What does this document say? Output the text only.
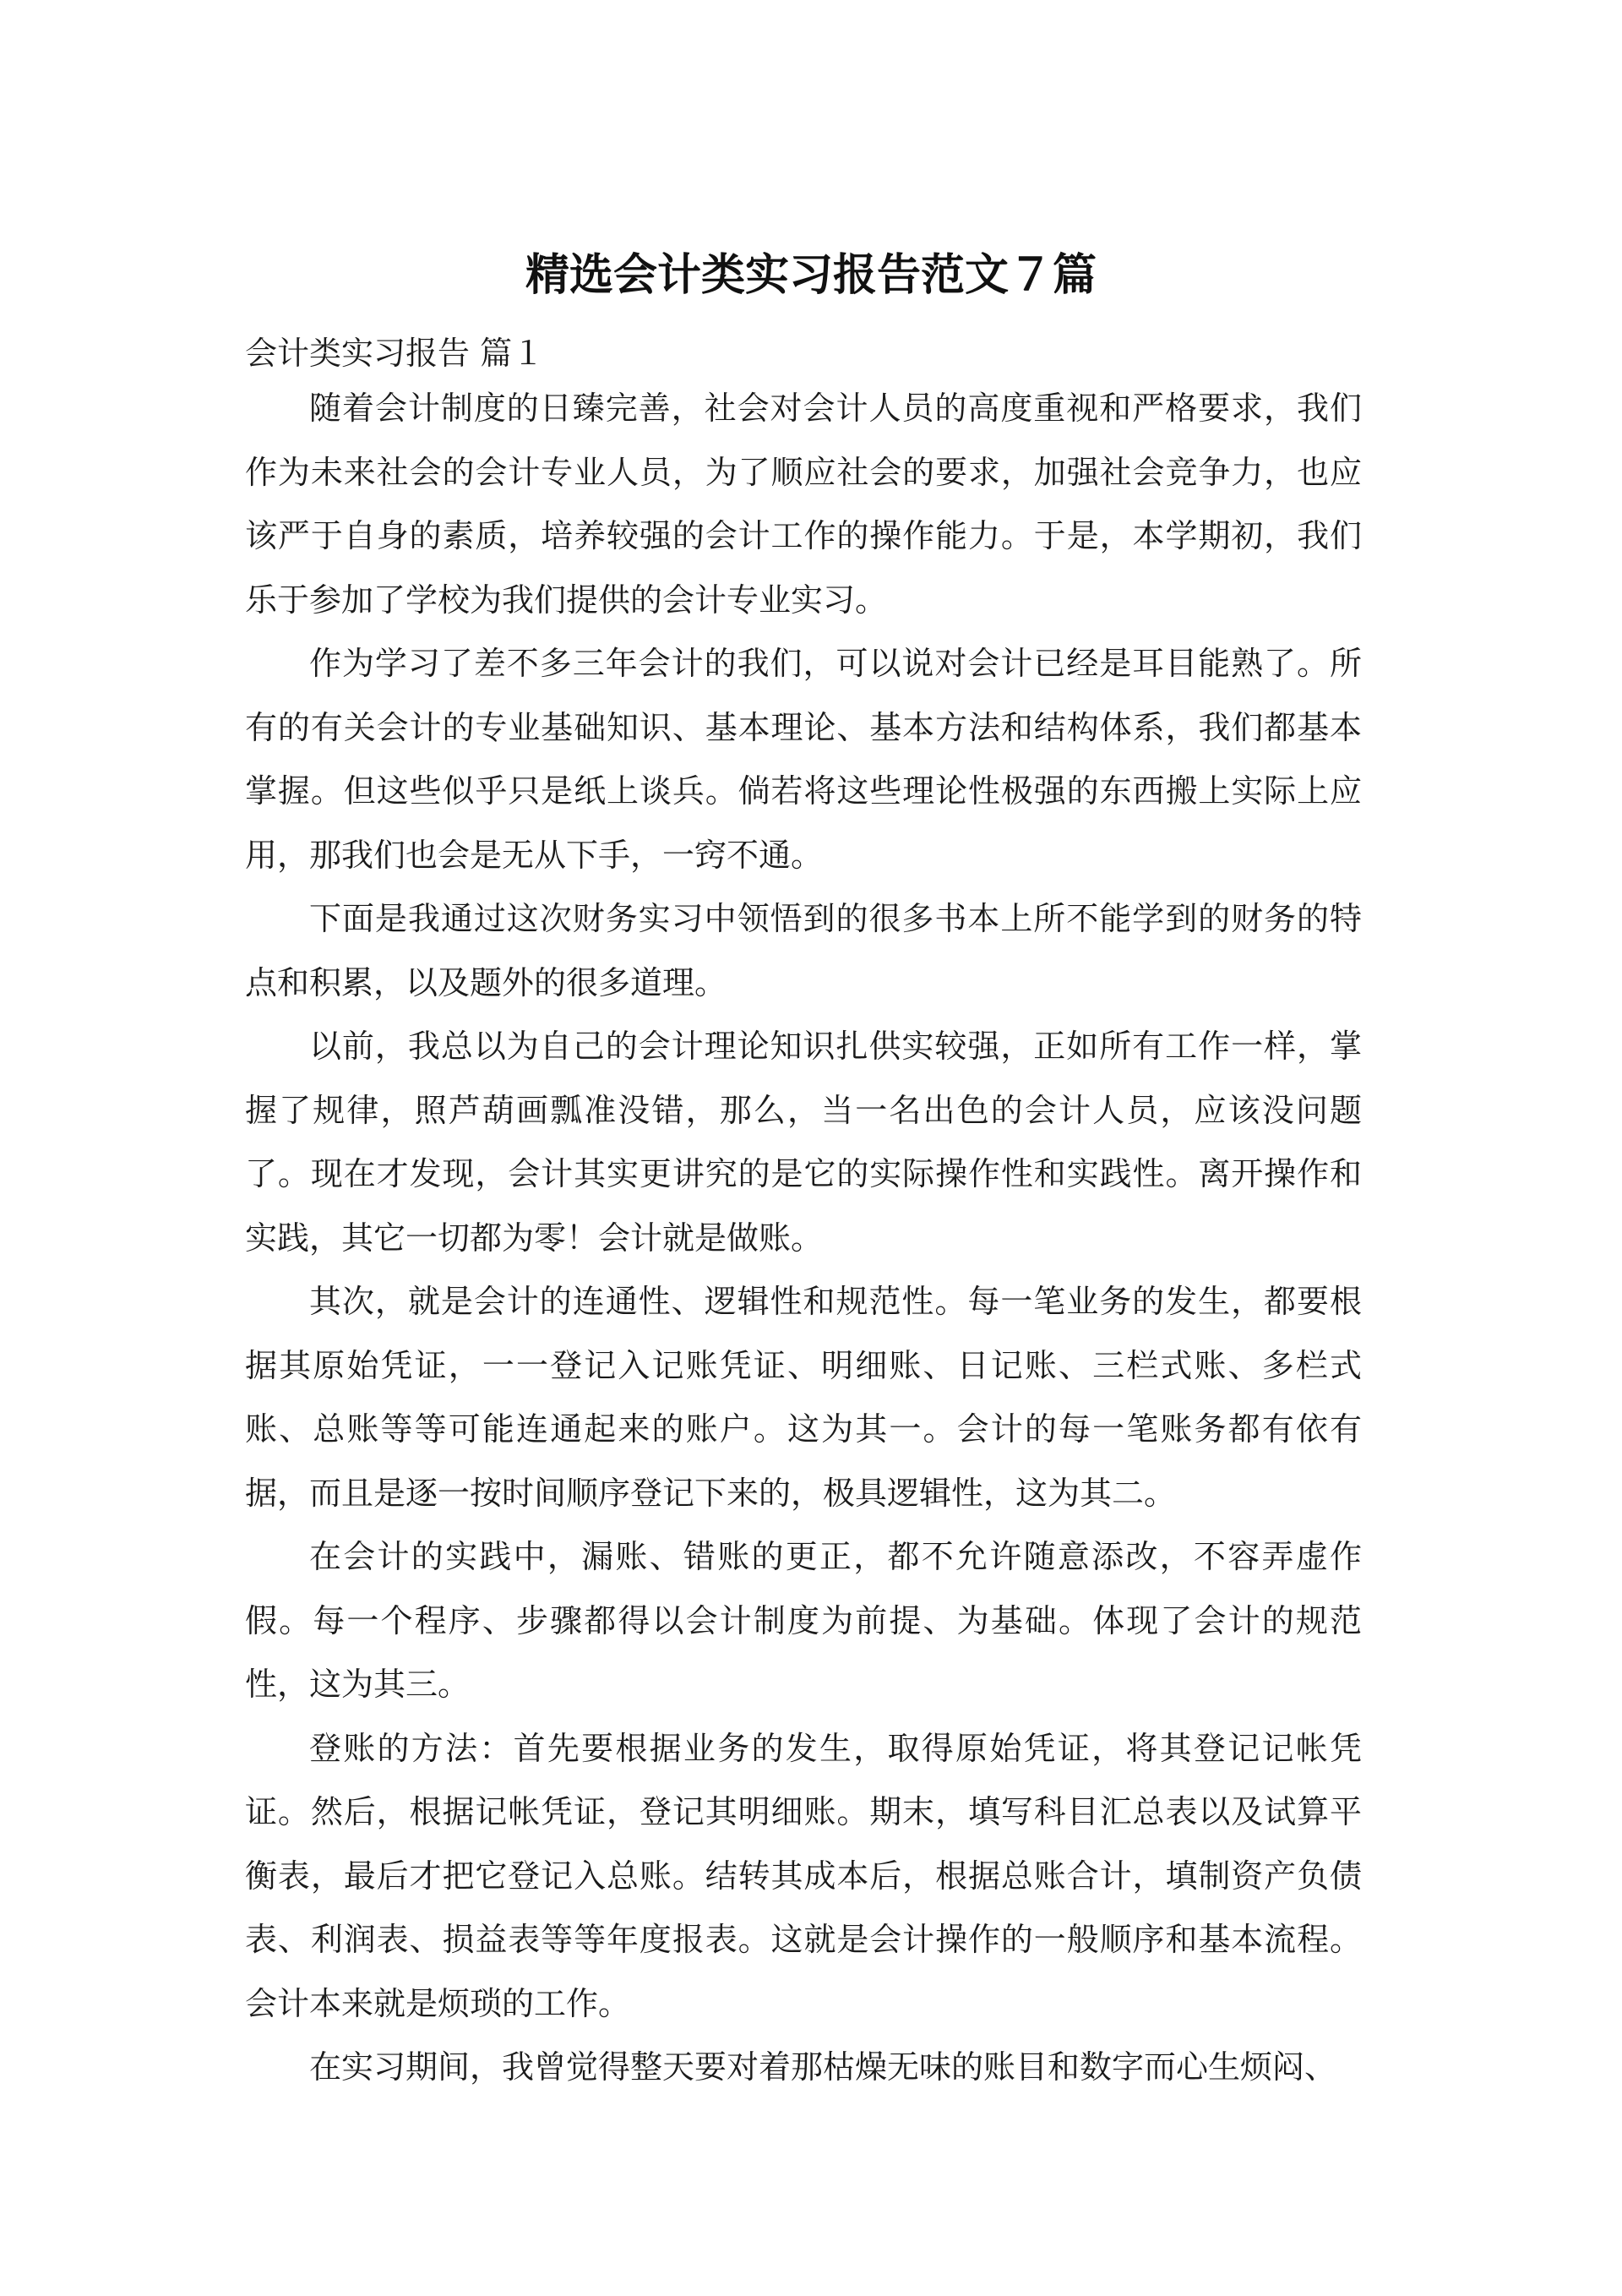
精选会计类实习报告范文７篇

会计类实习报告 篇１

随着会计制度的日臻完善，社会对会计人员的高度重视和严格要求，我们作为未来社会的会计专业人员，为了顺应社会的要求，加强社会竞争力，也应该严于自身的素质，培养较强的会计工作的操作能力。于是，本学期初，我们乐于参加了学校为我们提供的会计专业实习。

作为学习了差不多三年会计的我们，可以说对会计已经是耳目能熟了。所有的有关会计的专业基础知识、基本理论、基本方法和结构体系，我们都基本掌握。但这些似乎只是纸上谈兵。倘若将这些理论性极强的东西搬上实际上应用，那我们也会是无从下手，一窍不通。

下面是我通过这次财务实习中领悟到的很多书本上所不能学到的财务的特点和积累，以及题外的很多道理。

以前，我总以为自己的会计理论知识扎供实较强，正如所有工作一样，掌握了规律，照芦葫画瓢准没错，那么，当一名出色的会计人员，应该没问题了。现在才发现，会计其实更讲究的是它的实际操作性和实践性。离开操作和实践，其它一切都为零！会计就是做账。

其次，就是会计的连通性、逻辑性和规范性。每一笔业务的发生，都要根据其原始凭证，一一登记入记账凭证、明细账、日记账、三栏式账、多栏式账、总账等等可能连通起来的账户。这为其一。会计的每一笔账务都有依有据，而且是逐一按时间顺序登记下来的，极具逻辑性，这为其二。

在会计的实践中，漏账、错账的更正，都不允许随意添改，不容弄虚作假。每一个程序、步骤都得以会计制度为前提、为基础。体现了会计的规范性，这为其三。

登账的方法：首先要根据业务的发生，取得原始凭证，将其登记记帐凭证。然后，根据记帐凭证，登记其明细账。期末，填写科目汇总表以及试算平衡表，最后才把它登记入总账。结转其成本后，根据总账合计，填制资产负债表、利润表、损益表等等年度报表。这就是会计操作的一般顺序和基本流程。会计本来就是烦琐的工作。

在实习期间，我曾觉得整天要对着那枯燥无味的账目和数字而心生烦闷、
